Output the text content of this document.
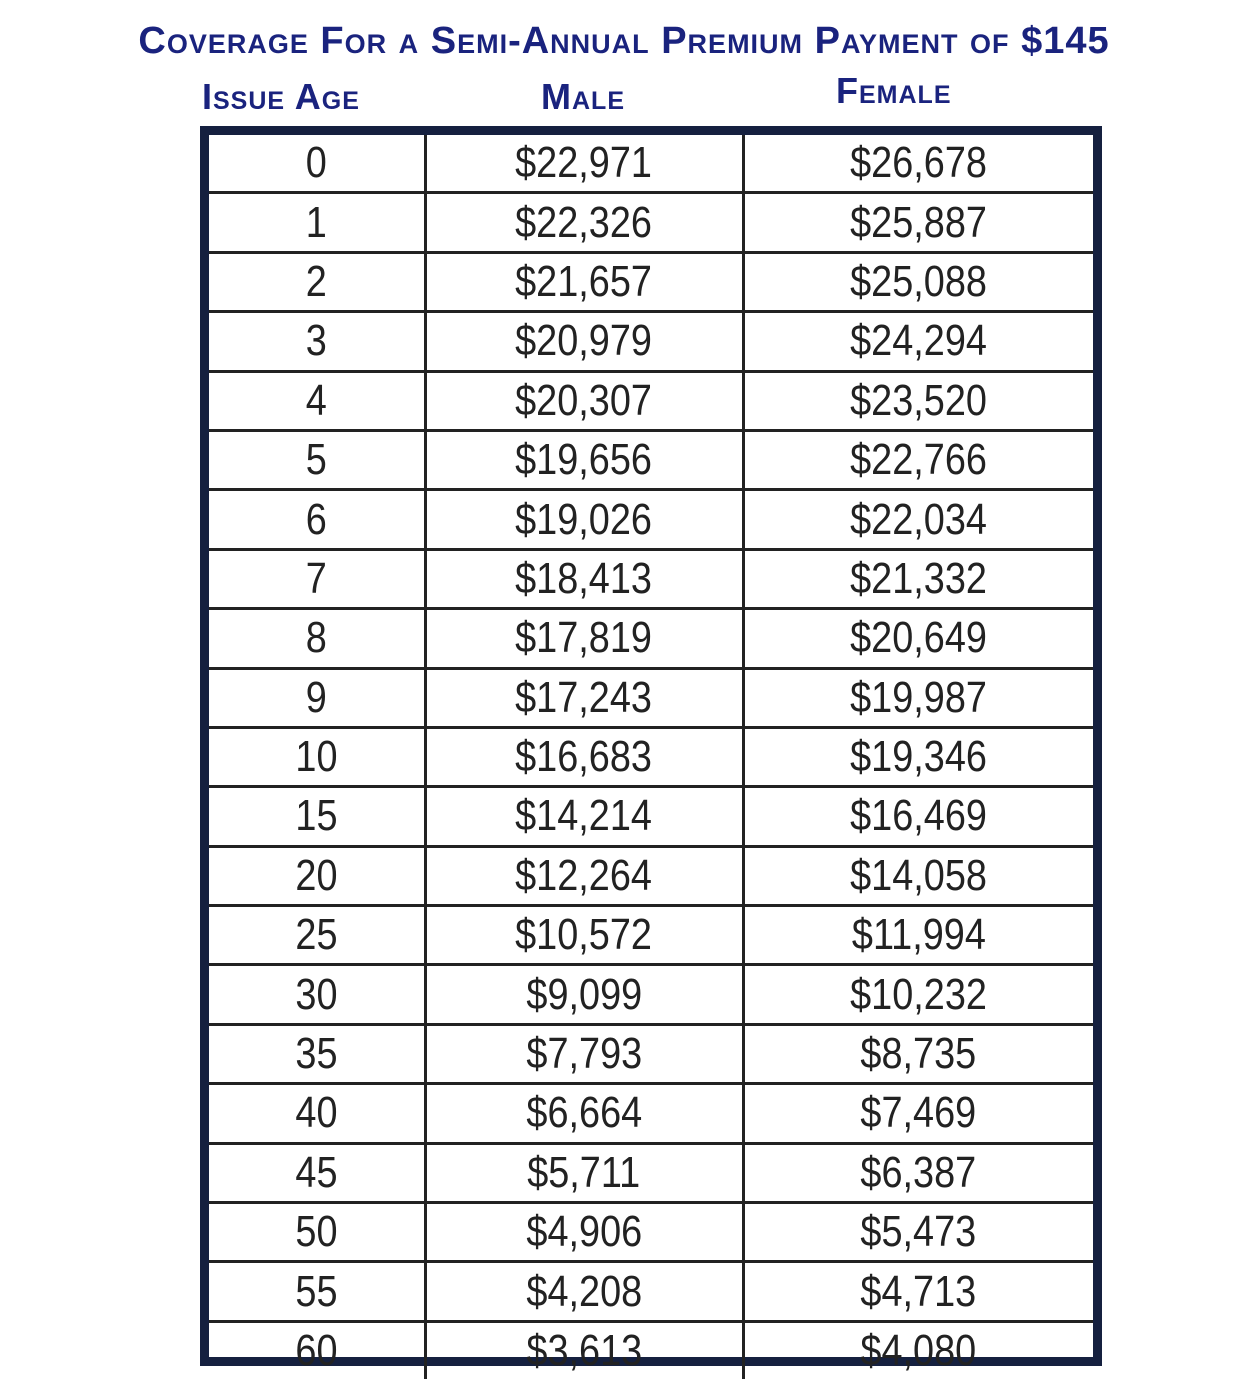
Coverage For a Semi-Annual Premium Payment of $145
Issue Age	Male	Female
0	$22,971	$26,678
1	$22,326	$25,887
2	$21,657	$25,088
3	$20,979	$24,294
4	$20,307	$23,520
5	$19,656	$22,766
6	$19,026	$22,034
7	$18,413	$21,332
8	$17,819	$20,649
9	$17,243	$19,987
10	$16,683	$19,346
15	$14,214	$16,469
20	$12,264	$14,058
25	$10,572	$11,994
30	$9,099	$10,232
35	$7,793	$8,735
40	$6,664	$7,469
45	$5,711	$6,387
50	$4,906	$5,473
55	$4,208	$4,713
60	$3,613	$4,080
